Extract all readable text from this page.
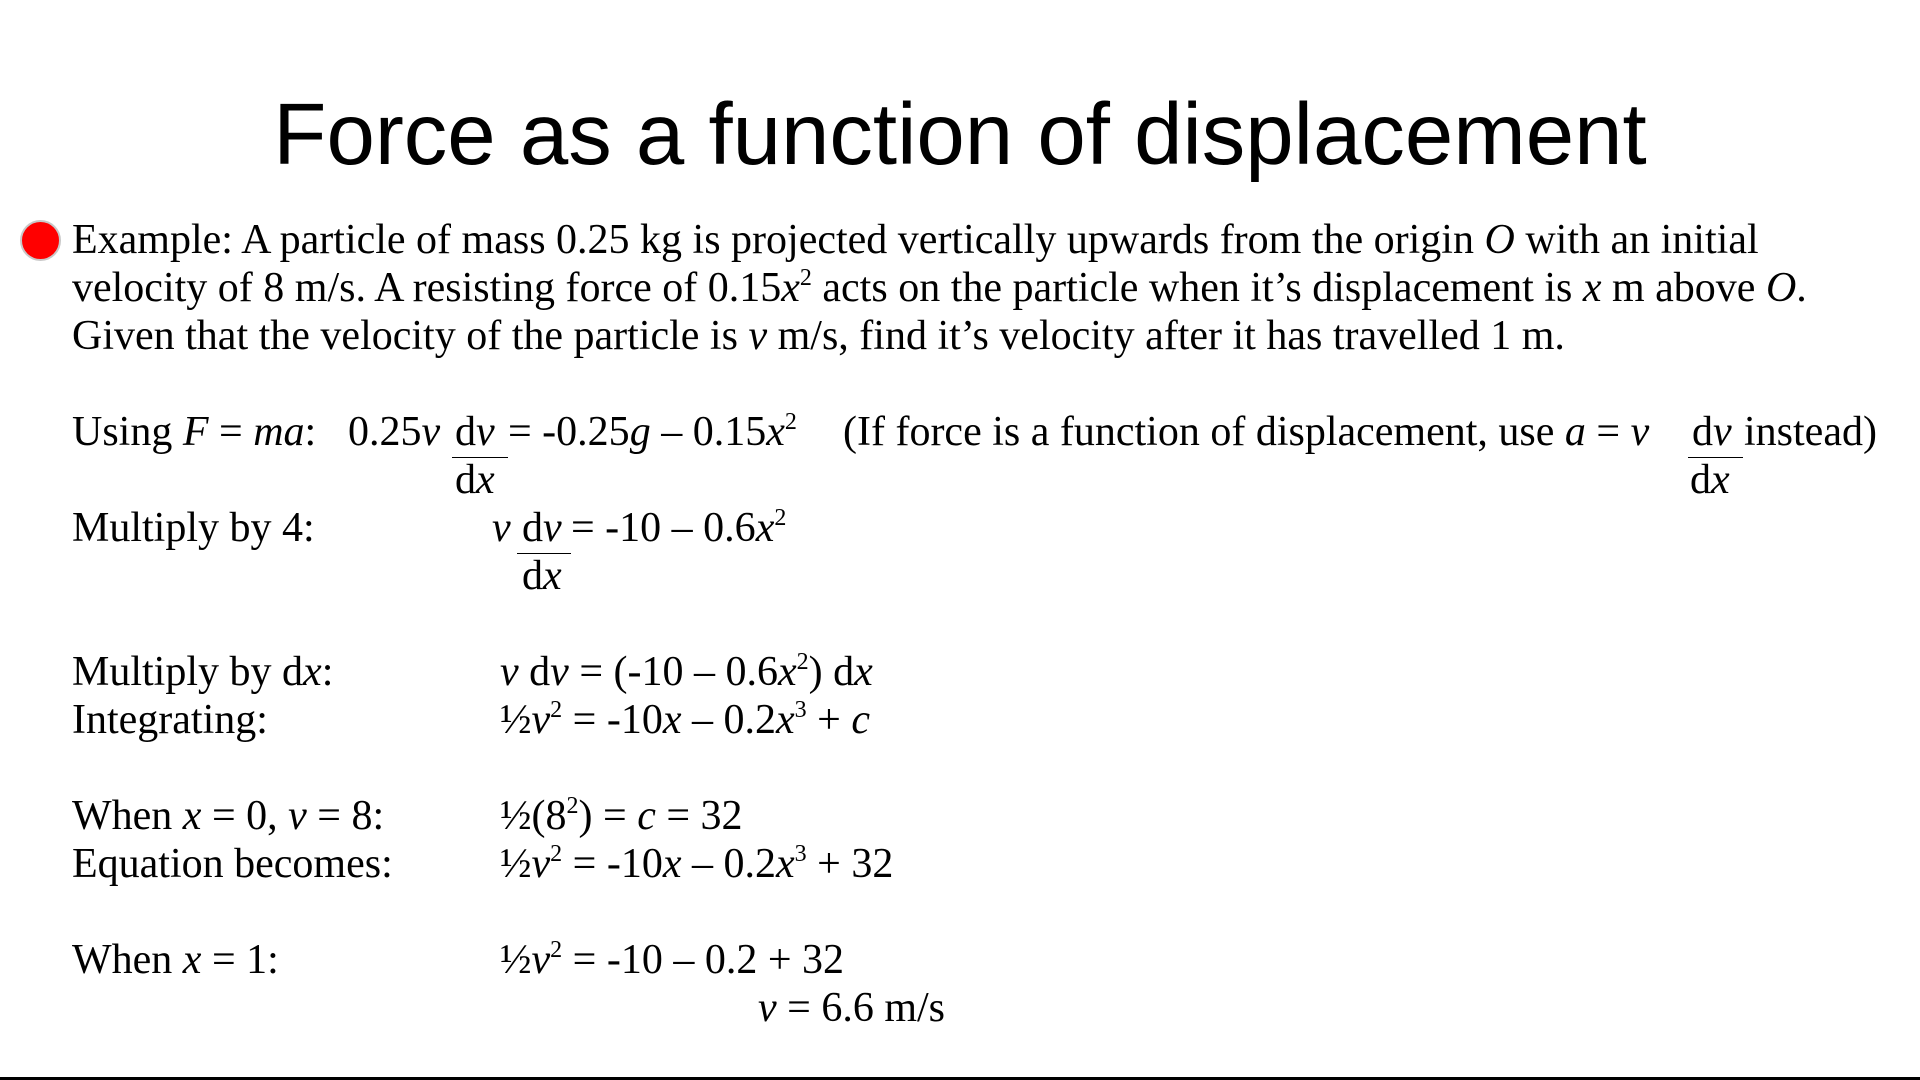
Force as a function of displacement
Example: A particle of mass 0.25 kg is projected vertically upwards from the origin O with an initial
velocity of 8 m/s. A resisting force of $0.15x^2$ acts on the particle when it’s displacement is x m above O.
Given that the velocity of the particle is v m/s, find it’s velocity after it has travelled 1 m.
Using F = ma: 0.25v dv
dx
= $-0.25g - 0.15x^2$ (If force is a function of displacement, use a = v dv
dx
instead)
Multiply by 4:	v dv
dx
= $-10 - 0.6x^2$
Multiply by dx:	v dv = $(-10 - 0.6x^2)$ dx
Integrating:	$\frac{1}{2}v^2 = -10x - 0.2x^3 + c$
When x = 0, v = 8:	$\frac{1}{2}(8^2) = c = 32$
Equation becomes:	$\frac{1}{2}v^2 = -10x - 0.2x^3 + 32$
When x = 1:	$\frac{1}{2}v^2 = -10 - 0.2 + 32$
v = 6.6 m/s
